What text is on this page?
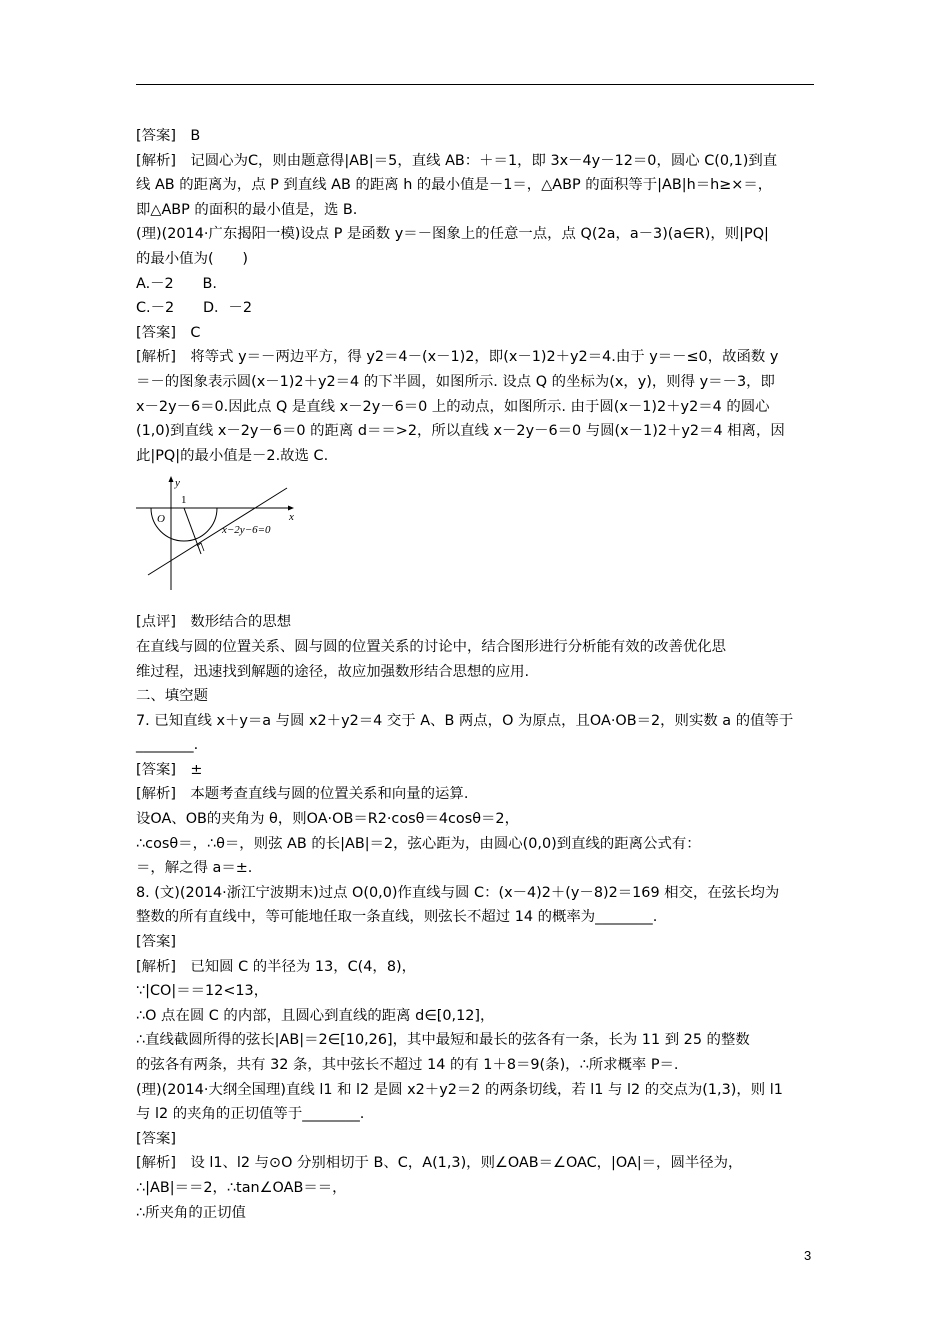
[答案]　B
[解析]　记圆心为C，则由题意得|AB|＝5，直线 AB：＋＝1，即 3x－4y－12＝0，圆心 C(0,1)到直
线 AB 的距离为，点 P 到直线 AB 的距离 h 的最小值是－1＝，△ABP 的面积等于|AB|h＝h≥×＝，
即△ABP 的面积的最小值是，选 B.
(理)(2014·广东揭阳一模)设点 P 是函数 y＝－图象上的任意一点，点 Q(2a，a－3)(a∈R)，则|PQ|
的最小值为(　　)
A.－2　　B.
C.－2　　D．－2
[答案]　C
[解析]　将等式 y＝－两边平方，得 y2＝4－(x－1)2，即(x－1)2＋y2＝4.由于 y＝－≤0，故函数 y
＝－的图象表示圆(x－1)2＋y2＝4 的下半圆，如图所示. 设点 Q 的坐标为(x，y)，则得 y＝－3，即
x－2y－6＝0.因此点 Q 是直线 x－2y－6＝0 上的动点，如图所示. 由于圆(x－1)2＋y2＝4 的圆心
(1,0)到直线 x－2y－6＝0 的距离 d＝＝>2，所以直线 x－2y－6＝0 与圆(x－1)2＋y2＝4 相离，因
此|PQ|的最小值是－2.故选 C.
y
x
O
1
x−2y−6=0
[点评]　数形结合的思想
在直线与圆的位置关系、圆与圆的位置关系的讨论中，结合图形进行分析能有效的改善优化思
维过程，迅速找到解题的途径，故应加强数形结合思想的应用.
二、填空题
7. 已知直线 x＋y＝a 与圆 x2＋y2＝4 交于 A、B 两点，O 为原点，且OA·OB＝2，则实数 a 的值等于
________.
[答案]　±
[解析]　本题考查直线与圆的位置关系和向量的运算.
设OA、OB的夹角为 θ，则OA·OB＝R2·cosθ＝4cosθ＝2，
∴cosθ＝，∴θ＝，则弦 AB 的长|AB|＝2，弦心距为，由圆心(0,0)到直线的距离公式有：
＝，解之得 a＝±.
8. (文)(2014·浙江宁波期末)过点 O(0,0)作直线与圆 C：(x－4)2＋(y－8)2＝169 相交，在弦长均为
整数的所有直线中，等可能地任取一条直线，则弦长不超过 14 的概率为________.
[答案]
[解析]　已知圆 C 的半径为 13，C(4，8)，
∵|CO|＝＝12<13，
∴O 点在圆 C 的内部，且圆心到直线的距离 d∈[0,12]，
∴直线截圆所得的弦长|AB|＝2∈[10,26]，其中最短和最长的弦各有一条，长为 11 到 25 的整数
的弦各有两条，共有 32 条，其中弦长不超过 14 的有 1＋8＝9(条)，∴所求概率 P＝.
(理)(2014·大纲全国理)直线 l1 和 l2 是圆 x2＋y2＝2 的两条切线，若 l1 与 l2 的交点为(1,3)，则 l1
与 l2 的夹角的正切值等于________.
[答案]
[解析]　设 l1、l2 与⊙O 分别相切于 B、C，A(1,3)，则∠OAB＝∠OAC，|OA|＝，圆半径为，
∴|AB|＝＝2，∴tan∠OAB＝＝，
∴所夹角的正切值
3
